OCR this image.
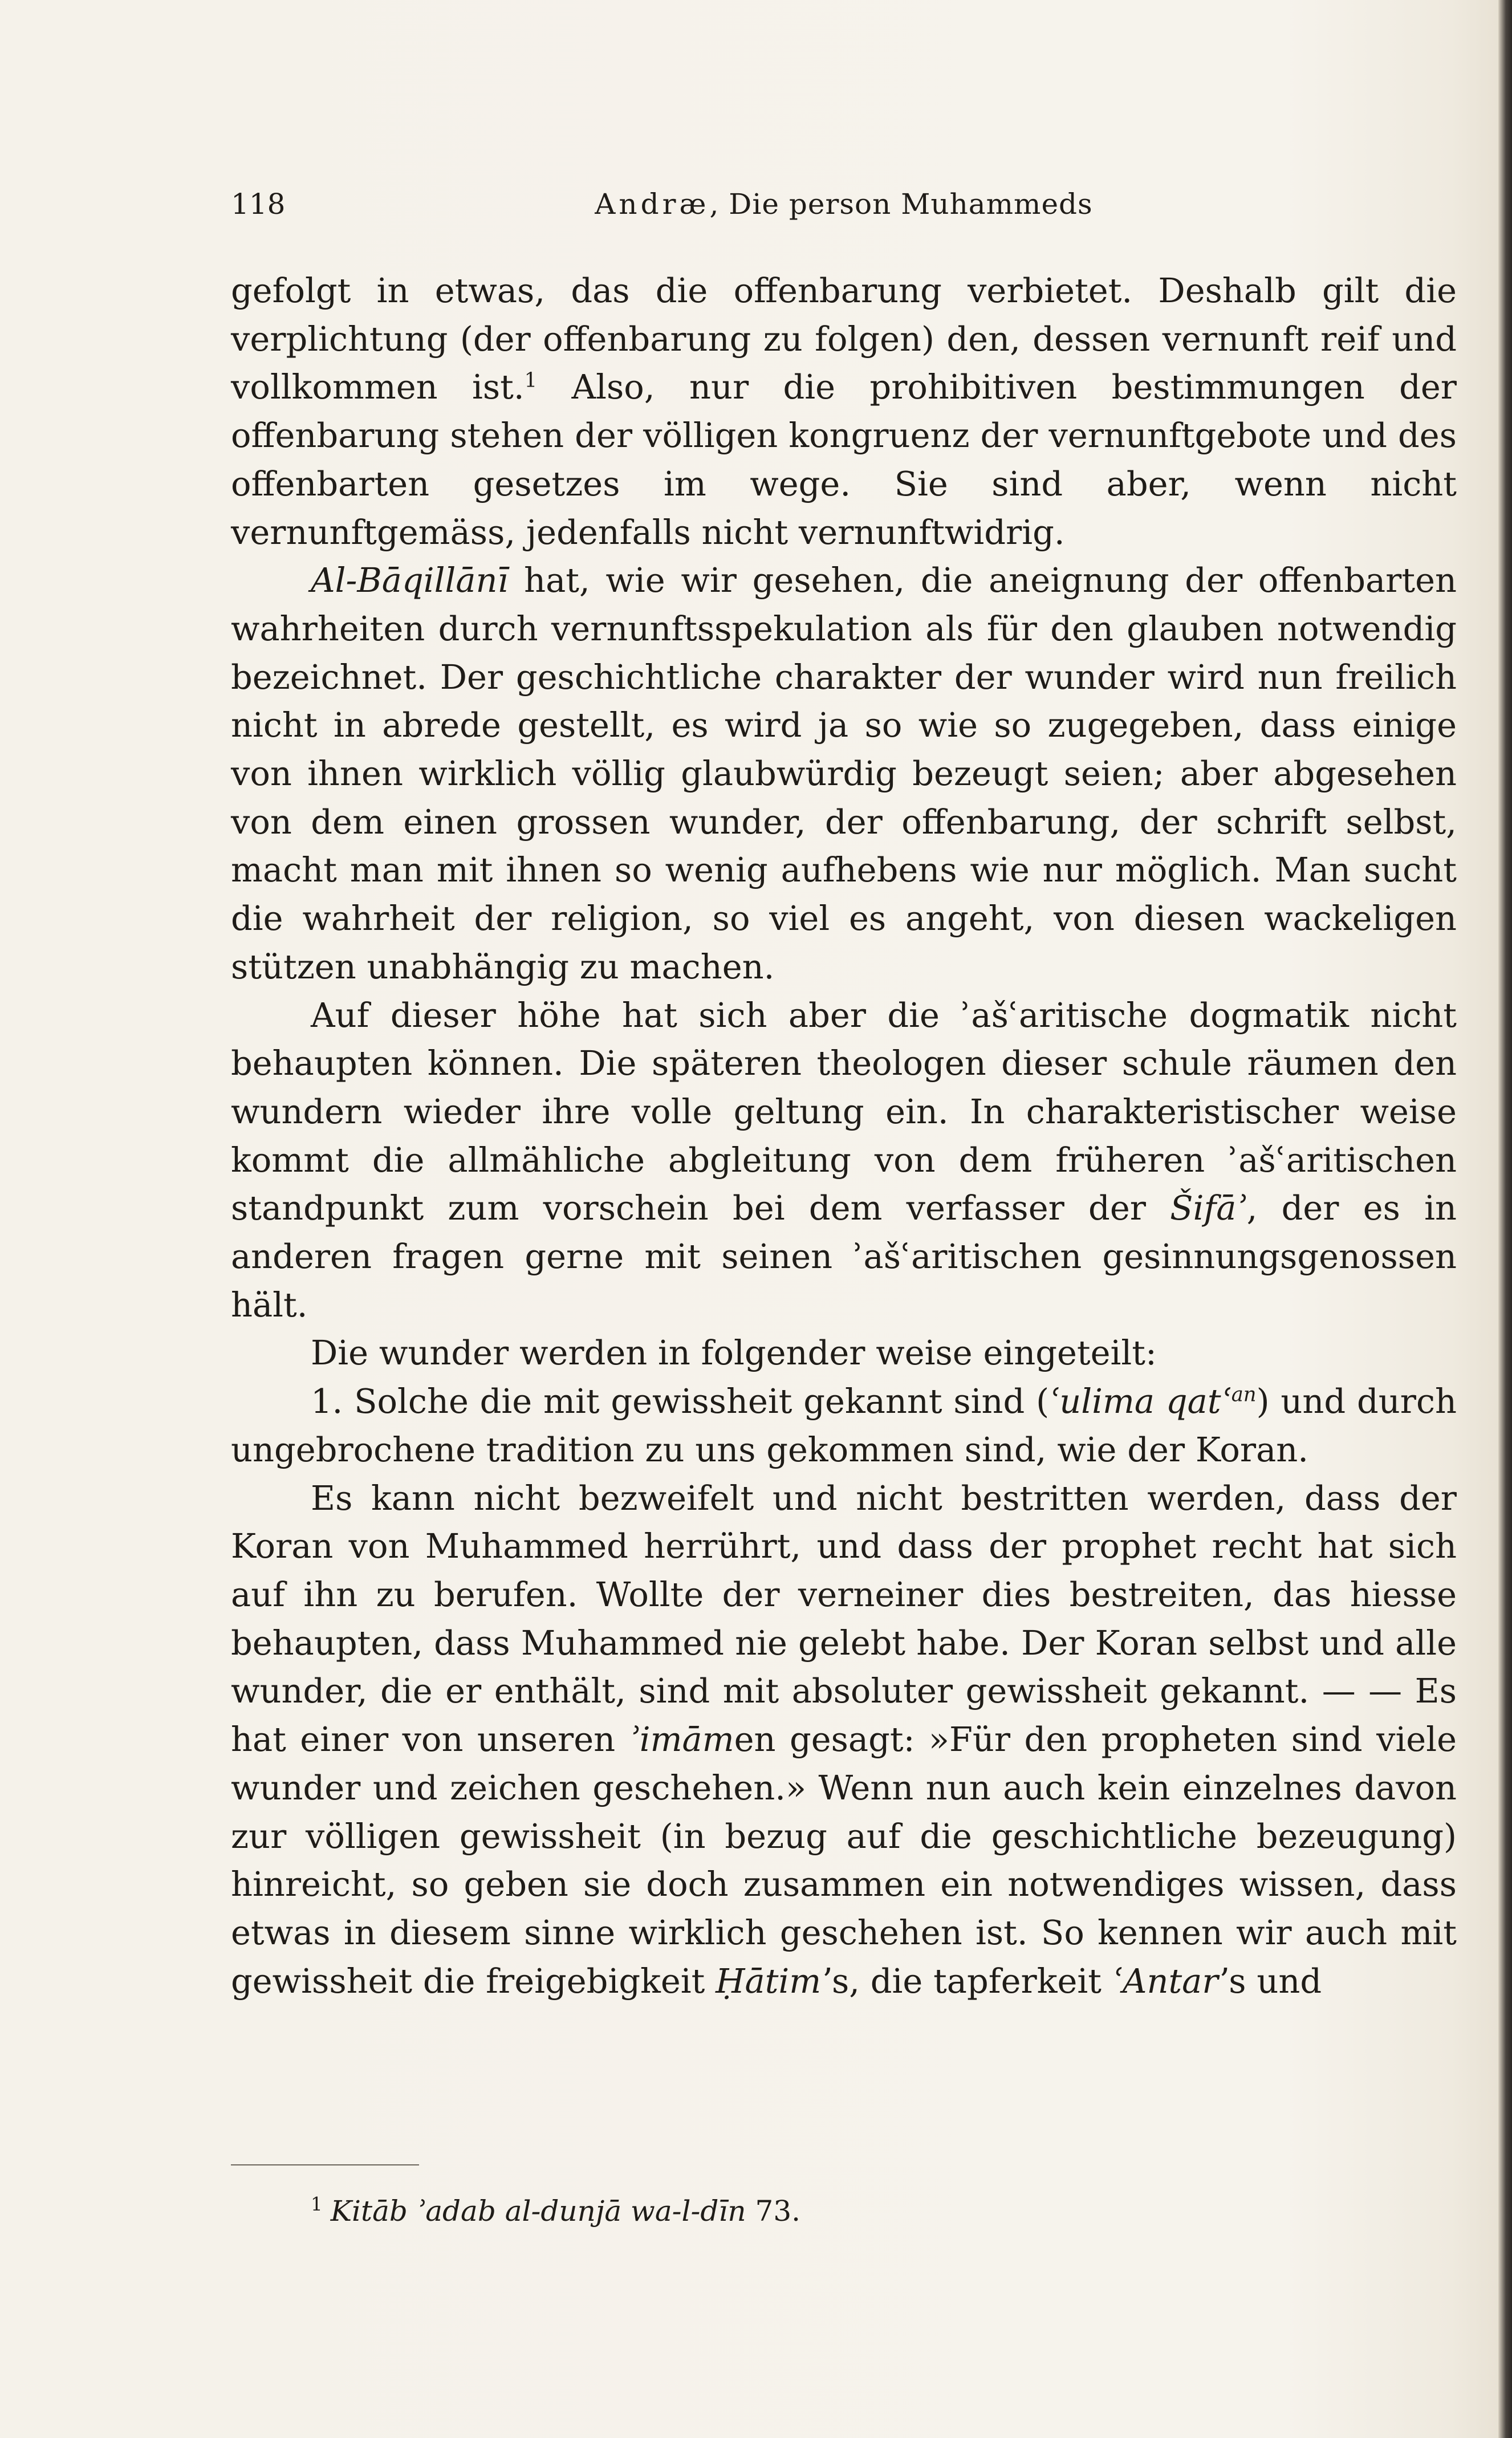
118	Andræ, Die person Muhammeds

gefolgt in etwas, das die offenbarung verbietet. Deshalb gilt die verplichtung (der offenbarung zu folgen) den, dessen vernunft reif und vollkommen ist.$^1$ Also, nur die prohibitiven bestimmungen der offenbarung stehen der völligen kongruenz der vernunftgebote und des offenbarten gesetzes im wege. Sie sind aber, wenn nicht vernunftgemäss, jedenfalls nicht vernunftwidrig.

Al-Bāqillānī hat, wie wir gesehen, die aneignung der offenbarten wahrheiten durch vernunftsspekulation als für den glauben notwendig bezeichnet. Der geschichtliche charakter der wunder wird nun freilich nicht in abrede gestellt, es wird ja so wie so zugegeben, dass einige von ihnen wirklich völlig glaubwürdig bezeugt seien; aber abgesehen von dem einen grossen wunder, der offenbarung, der schrift selbst, macht man mit ihnen so wenig aufhebens wie nur möglich. Man sucht die wahrheit der religion, so viel es angeht, von diesen wackeligen stützen unabhängig zu machen.

Auf dieser höhe hat sich aber die ʾašʿaritische dogmatik nicht behaupten können. Die späteren theologen dieser schule räumen den wundern wieder ihre volle geltung ein. In charakteristischer weise kommt die allmähliche abgleitung von dem früheren ʾašʿaritischen standpunkt zum vorschein bei dem verfasser der Šifāʾ, der es in anderen fragen gerne mit seinen ʾašʿaritischen gesinnungsgenossen hält.

Die wunder werden in folgender weise eingeteilt:

1. Solche die mit gewissheit gekannt sind (ʿulima qatʿ$^{an}$) und durch ungebrochene tradition zu uns gekommen sind, wie der Koran.

Es kann nicht bezweifelt und nicht bestritten werden, dass der Koran von Muhammed herrührt, und dass der prophet recht hat sich auf ihn zu berufen. Wollte der verneiner dies bestreiten, das hiesse behaupten, dass Muhammed nie gelebt habe. Der Koran selbst und alle wunder, die er enthält, sind mit absoluter gewissheit gekannt. — — Es hat einer von unseren ʾimāmen gesagt: »Für den propheten sind viele wunder und zeichen geschehen.» Wenn nun auch kein einzelnes davon zur völligen gewissheit (in bezug auf die geschichtliche bezeugung) hinreicht, so geben sie doch zusammen ein notwendiges wissen, dass etwas in diesem sinne wirklich geschehen ist. So kennen wir auch mit gewissheit die freigebigkeit Ḥātimʼs, die tapferkeit ʿAntarʼs und

$^1$ Kitāb ʾadab al-dunjā wa-l-dīn 73.
